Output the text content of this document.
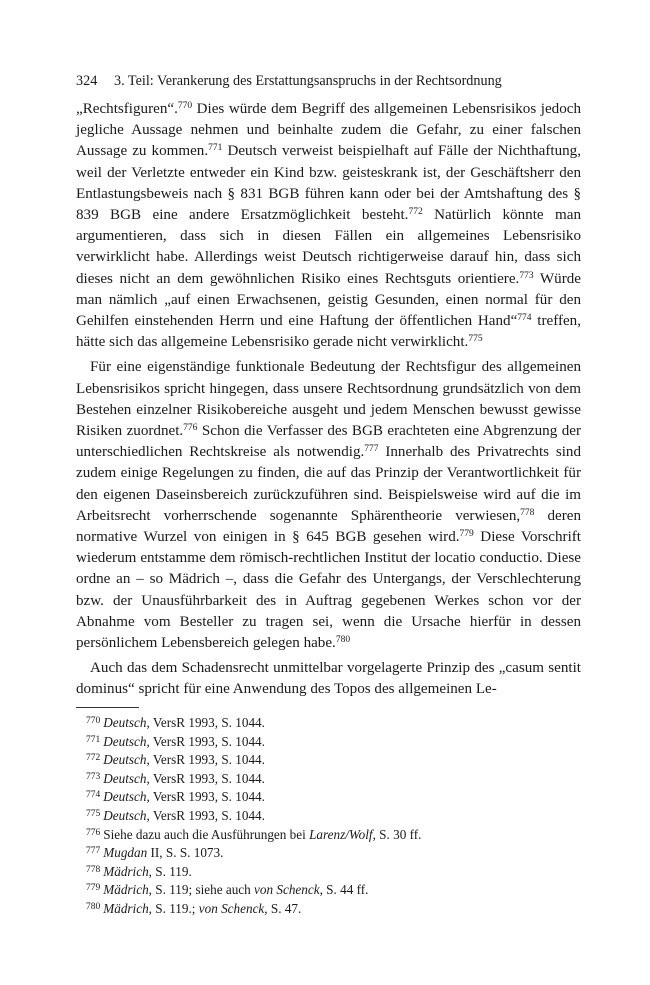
324 3. Teil: Verankerung des Erstattungsanspruchs in der Rechtsordnung

„Rechtsfiguren“.$^{770}$ Dies würde dem Begriff des allgemeinen Lebensrisikos jedoch jegliche Aussage nehmen und beinhalte zudem die Gefahr, zu einer falschen Aussage zu kommen.$^{771}$ Deutsch verweist beispielhaft auf Fälle der Nichthaftung, weil der Verletzte entweder ein Kind bzw. geisteskrank ist, der Geschäftsherr den Entlastungsbeweis nach § 831 BGB führen kann oder bei der Amtshaftung des § 839 BGB eine andere Ersatzmöglichkeit besteht.$^{772}$ Natürlich könnte man argumentieren, dass sich in diesen Fällen ein allgemeines Lebensrisiko verwirklicht habe. Allerdings weist Deutsch richtigerweise darauf hin, dass sich dieses nicht an dem gewöhnlichen Risiko eines Rechtsguts orientiere.$^{773}$ Würde man nämlich „auf einen Erwachsenen, geistig Gesunden, einen normal für den Gehilfen einstehenden Herrn und eine Haftung der öffentlichen Hand“$^{774}$ treffen, hätte sich das allgemeine Lebensrisiko gerade nicht verwirklicht.$^{775}$

Für eine eigenständige funktionale Bedeutung der Rechtsfigur des allgemeinen Lebensrisikos spricht hingegen, dass unsere Rechtsordnung grundsätzlich von dem Bestehen einzelner Risikobereiche ausgeht und jedem Menschen bewusst gewisse Risiken zuordnet.$^{776}$ Schon die Verfasser des BGB erachteten eine Abgrenzung der unterschiedlichen Rechtskreise als notwendig.$^{777}$ Innerhalb des Privatrechts sind zudem einige Regelungen zu finden, die auf das Prinzip der Verantwortlichkeit für den eigenen Daseinsbereich zurückzuführen sind. Beispielsweise wird auf die im Arbeitsrecht vorherrschende sogenannte Sphärentheorie verwiesen,$^{778}$ deren normative Wurzel von einigen in § 645 BGB gesehen wird.$^{779}$ Diese Vorschrift wiederum entstamme dem römisch-rechtlichen Institut der locatio conductio. Diese ordne an – so Mädrich –, dass die Gefahr des Untergangs, der Verschlechterung bzw. der Unausführbarkeit des in Auftrag gegebenen Werkes schon vor der Abnahme vom Besteller zu tragen sei, wenn die Ursache hierfür in dessen persönlichem Lebensbereich gelegen habe.$^{780}$

Auch das dem Schadensrecht unmittelbar vorgelagerte Prinzip des „casum sentit dominus“ spricht für eine Anwendung des Topos des allgemeinen Le-

$^{770}$ Deutsch, VersR 1993, S. 1044.
$^{771}$ Deutsch, VersR 1993, S. 1044.
$^{772}$ Deutsch, VersR 1993, S. 1044.
$^{773}$ Deutsch, VersR 1993, S. 1044.
$^{774}$ Deutsch, VersR 1993, S. 1044.
$^{775}$ Deutsch, VersR 1993, S. 1044.
$^{776}$ Siehe dazu auch die Ausführungen bei Larenz/Wolf, S. 30 ff.
$^{777}$ Mugdan II, S. S. 1073.
$^{778}$ Mädrich, S. 119.
$^{779}$ Mädrich, S. 119; siehe auch von Schenck, S. 44 ff.
$^{780}$ Mädrich, S. 119.; von Schenck, S. 47.
